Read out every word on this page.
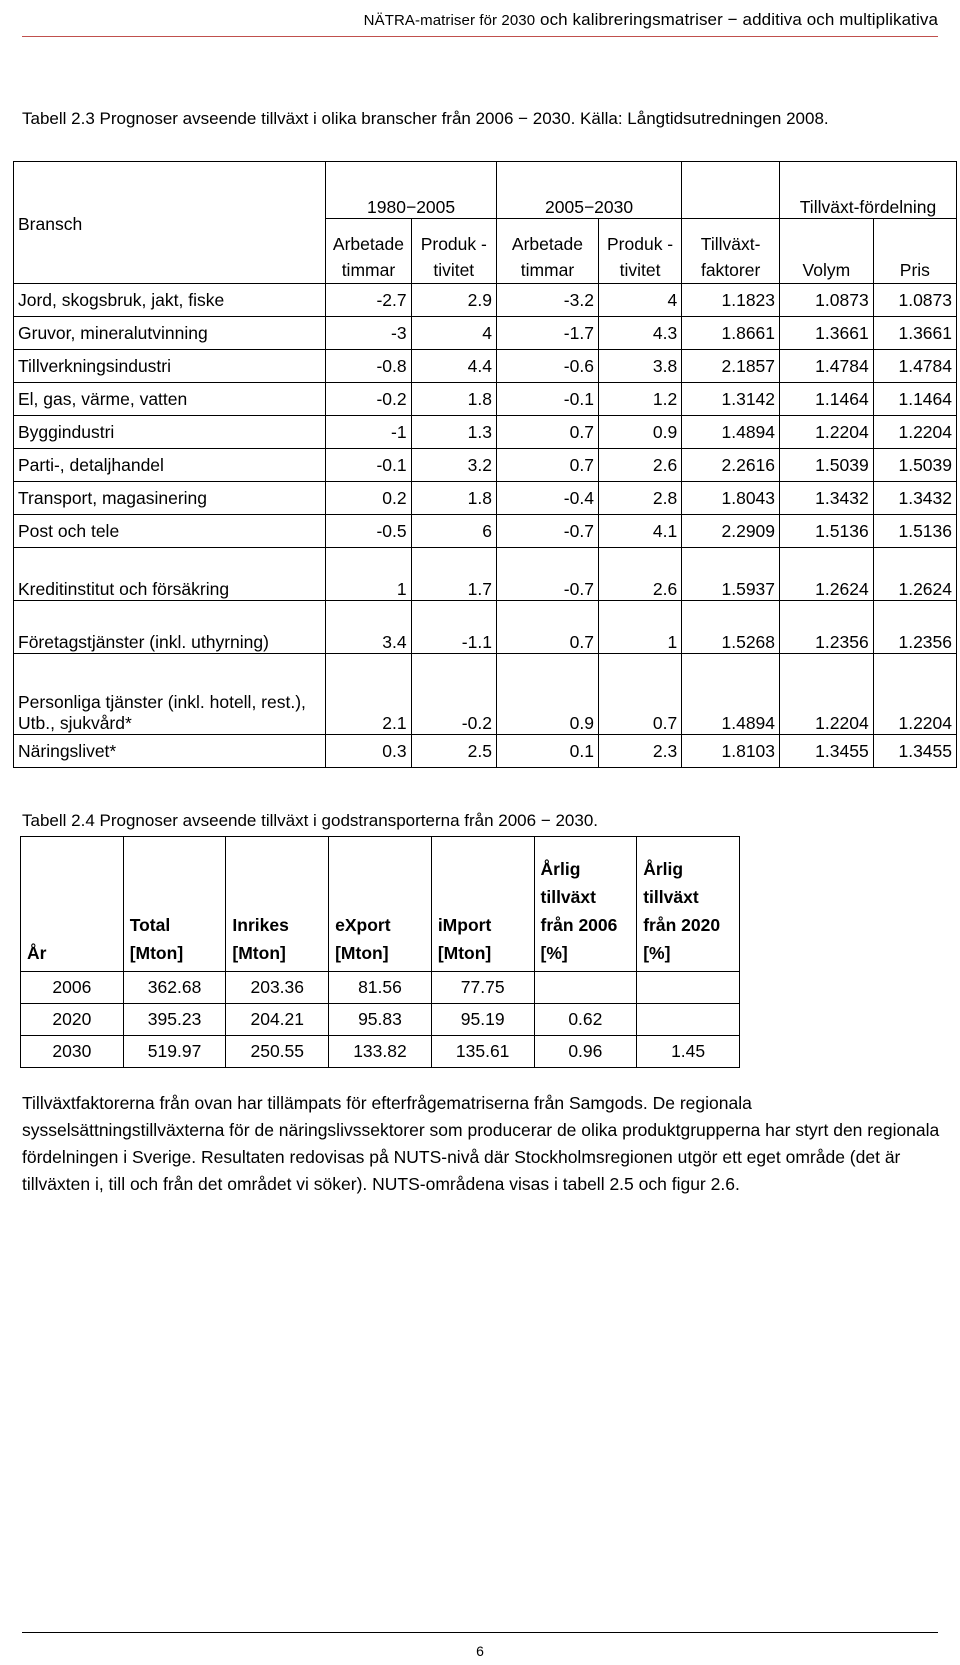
NÄTRA-matriser för 2030 och kalibreringsmatriser − additiva och multiplikativa
Tabell 2.3 Prognoser avseende tillväxt i olika branscher från 2006 − 2030. Källa: Långtidsutredningen 2008.
Bransch	1980−2005		2005−2030			Tillväxt-fördelning	
	Arbetade timmar	Produk -tivitet	Arbetade timmar	Produk -tivitet	Tillväxt-faktorer	Volym	Pris
Jord, skogsbruk, jakt, fiske	-2.7	2.9	-3.2	4	1.1823	1.0873	1.0873
Gruvor, mineralutvinning	-3	4	-1.7	4.3	1.8661	1.3661	1.3661
Tillverkningsindustri	-0.8	4.4	-0.6	3.8	2.1857	1.4784	1.4784
El, gas, värme, vatten	-0.2	1.8	-0.1	1.2	1.3142	1.1464	1.1464
Byggindustri	-1	1.3	0.7	0.9	1.4894	1.2204	1.2204
Parti-, detaljhandel	-0.1	3.2	0.7	2.6	2.2616	1.5039	1.5039
Transport, magasinering	0.2	1.8	-0.4	2.8	1.8043	1.3432	1.3432
Post och tele	-0.5	6	-0.7	4.1	2.2909	1.5136	1.5136
Kreditinstitut och försäkring	1	1.7	-0.7	2.6	1.5937	1.2624	1.2624
Företagstjänster (inkl. uthyrning)	3.4	-1.1	0.7	1	1.5268	1.2356	1.2356
Personliga tjänster (inkl. hotell, rest.), Utb., sjukvård*	2.1	-0.2	0.9	0.7	1.4894	1.2204	1.2204
Näringslivet*	0.3	2.5	0.1	2.3	1.8103	1.3455	1.3455
Tabell 2.4 Prognoser avseende tillväxt i godstransporterna från 2006 − 2030.
År	Total [Mton]	Inrikes [Mton]	eXport [Mton]	iMport [Mton]	Årlig tillväxt från 2006 [%]	Årlig tillväxt från 2020 [%]
2006	362.68	203.36	81.56	77.75		
2020	395.23	204.21	95.83	95.19	0.62	
2030	519.97	250.55	133.82	135.61	0.96	1.45
Tillväxtfaktorerna från ovan har tillämpats för efterfrågematriserna från Samgods. De regionala sysselsättningstillväxterna för de näringslivssektorer som producerar de olika produktgrupperna har styrt den regionala fördelningen i Sverige. Resultaten redovisas på NUTS-nivå där Stockholmsregionen utgör ett eget område (det är tillväxten i, till och från det området vi söker). NUTS-områdena visas i tabell 2.5 och figur 2.6.
6
